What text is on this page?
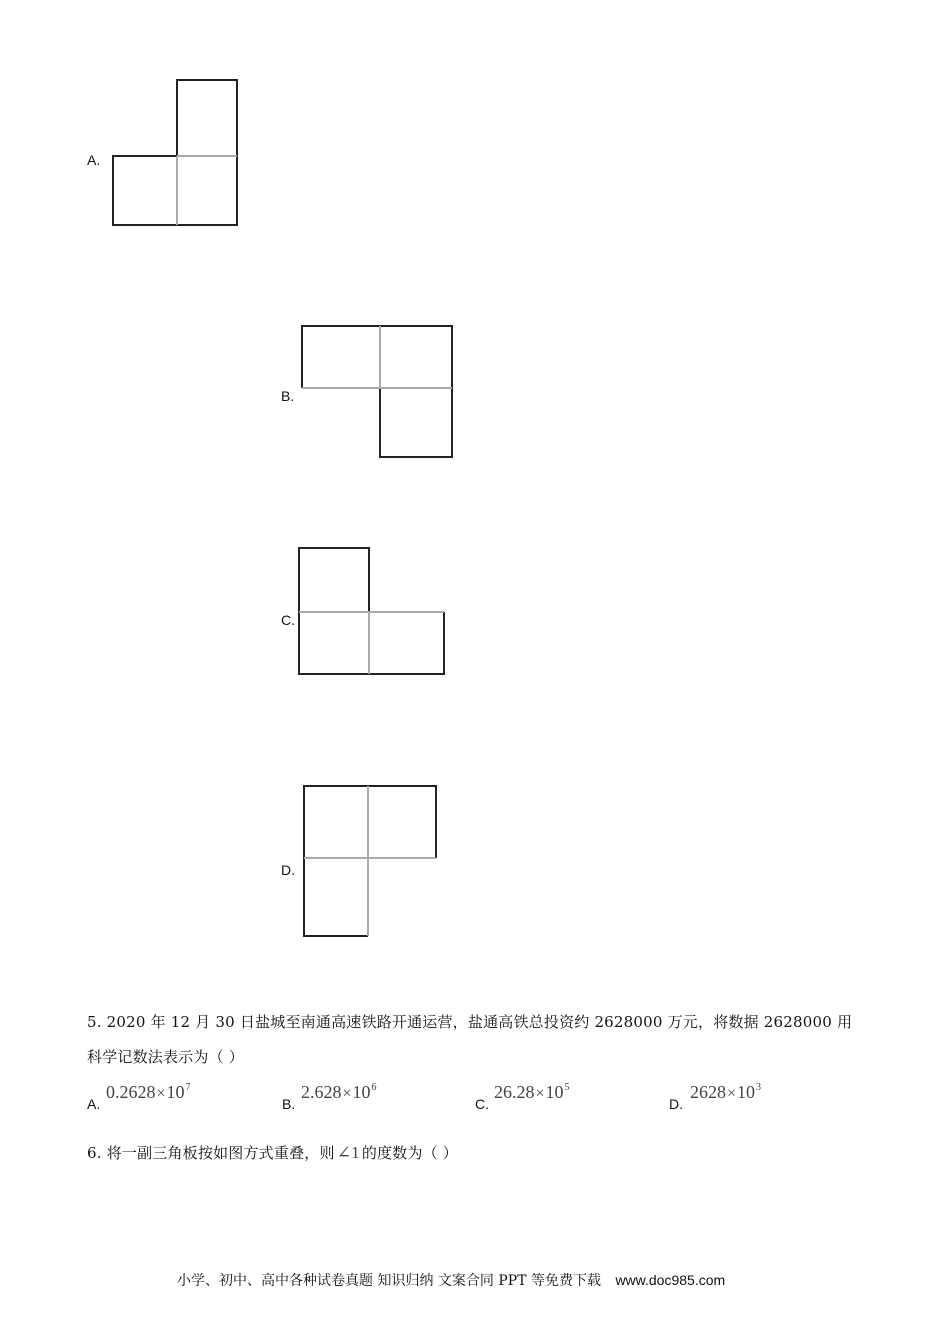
A.
B.
C.
D.
5. 2020 年 12 月 30 日盐城至南通高速铁路开通运营，盐通高铁总投资约 2628000 万元，将数据 2628000 用
科学记数法表示为（ ）
A.
$0.2628\times 10^7$
B.
$2.628\times 10^6$
C.
$26.28\times 10^5$
D.
$2628\times 10^3$
6. 将一副三角板按如图方式重叠，则 ∠1 的度数为（ ）
小学、初中、高中各种试卷真题 知识归纳 文案合同 PPT 等免费下载 www.doc985.com
